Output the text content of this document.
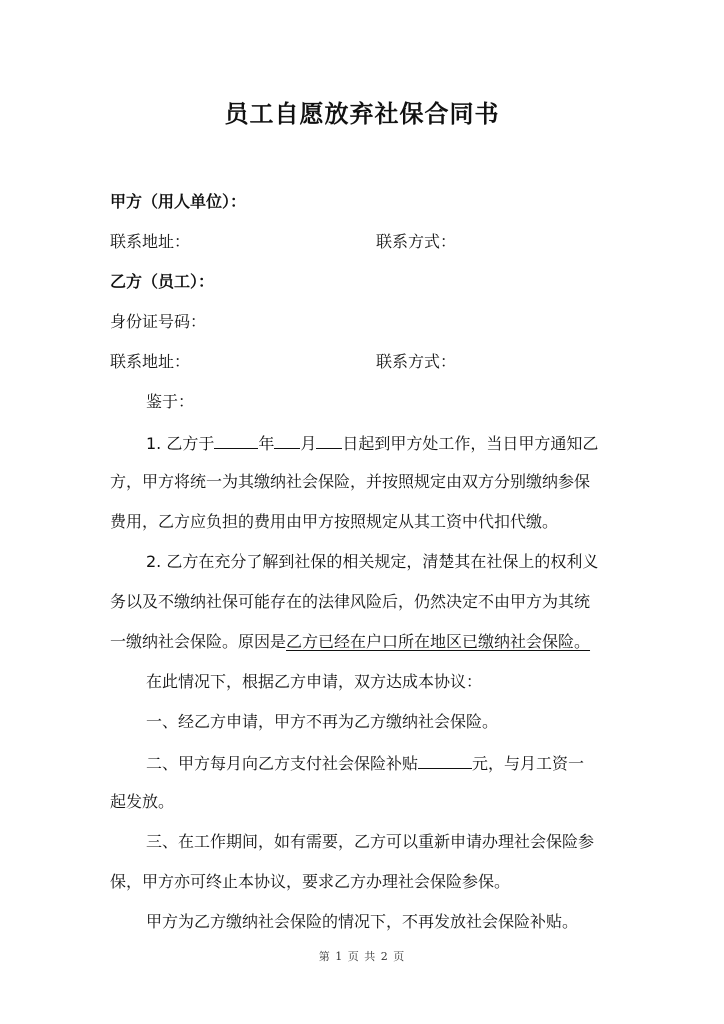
员工自愿放弃社保合同书
甲方（用人单位）：
联系地址：	联系方式：
乙方（员工）：
身份证号码：
联系地址：	联系方式：
鉴于：
1. 乙方于	年 月 日起到甲方处工作，当日甲方通知乙
方，甲方将统一为其缴纳社会保险，并按照规定由双方分别缴纳参保
费用，乙方应负担的费用由甲方按照规定从其工资中代扣代缴。
2. 乙方在充分了解到社保的相关规定，清楚其在社保上的权利义
务以及不缴纳社保可能存在的法律风险后，仍然决定不由甲方为其统
一缴纳社会保险。原因是乙方已经在户口所在地区已缴纳社会保险。
在此情况下，根据乙方申请，双方达成本协议：
一、经乙方申请，甲方不再为乙方缴纳社会保险。
二、甲方每月向乙方支付社会保险补贴	元，与月工资一
起发放。
三、在工作期间，如有需要，乙方可以重新申请办理社会保险参
保，甲方亦可终止本协议，要求乙方办理社会保险参保。
甲方为乙方缴纳社会保险的情况下，不再发放社会保险补贴。
第 1 页 共 2 页
